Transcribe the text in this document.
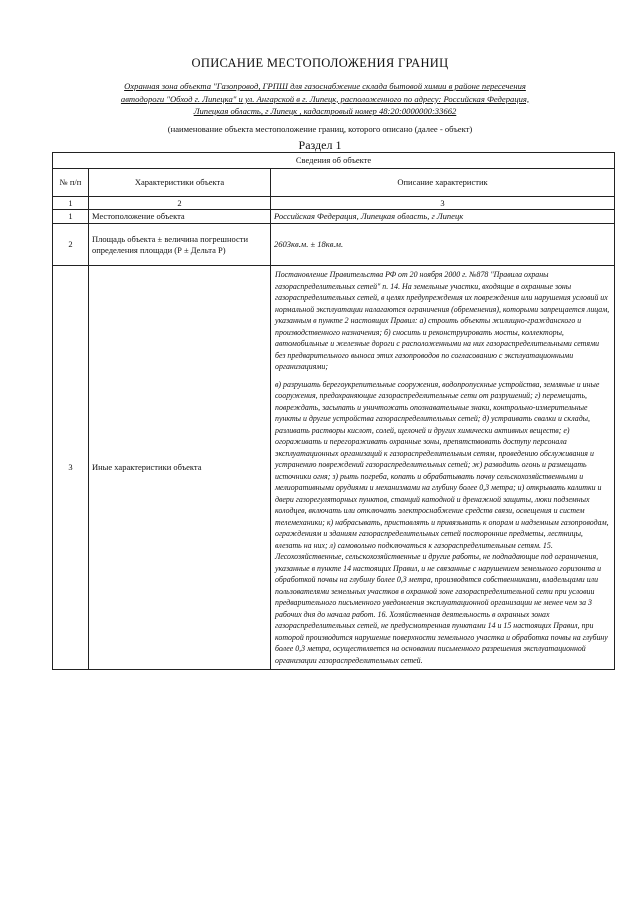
ОПИСАНИЕ МЕСТОПОЛОЖЕНИЯ ГРАНИЦ
Охранная зона объекта "Газопровод, ГРПШ для газоснабжение склада бытовой химии в районе пересечения
автодороги "Обход г. Липецка" и ул. Ангарской в г. Липецк, расположенного по адресу: Российская Федерация,
Липецкая область, г Липецк , кадастровый номер 48:20:0000000:33662
(наименование объекта местоположение границ, которого описано (далее - объект)
Раздел 1
Сведения об объекте		
№ п/п	Характеристики объекта	Описание характеристик
1	2	3
1	Местоположение объекта	Российская Федерация, Липецкая область, г Липецк
2	Площадь объекта ± величина погрешности определения площади (Р ± Дельта Р)	2603кв.м. ± 18кв.м.
3	Иные характеристики объекта	Постановление Правительства РФ от 20 ноября 2000 г. №878 "Правила охраны газораспределительных сетей" п. 14. На земельные участки, входящие в охранные зоны газораспределительных сетей, в целях предупреждения их повреждения или нарушения условий их нормальной эксплуатации налагаются ограничения (обременения), которыми запрещается лицам, указанным в пункте 2 настоящих Правил: а) строить объекты жилищно-гражданского и производственного назначения; б) сносить и реконструировать мосты, коллекторы, автомобильные и железные дороги с расположенными на них газораспределительными сетями без предварительного выноса этих газопроводов по согласованию с эксплуатационными организациями;

в) разрушать берегоукрепительные сооружения, водопропускные устройства, земляные и иные сооружения, предохраняющие газораспределительные сети от разрушений; г) перемещать, повреждать, засыпать и уничтожать опознавательные знаки, контрольно-измерительные пункты и другие устройства газораспределительных сетей; д) устраивать свалки и склады, разливать растворы кислот, солей, щелочей и других химически активных веществ; е) огораживать и перегораживать охранные зоны, препятствовать доступу персонала эксплуатационных организаций к газораспределительным сетям, проведению обслуживания и устранению повреждений газораспределительных сетей; ж) разводить огонь и размещать источники огня; з) рыть погреба, копать и обрабатывать почву сельскохозяйственными и мелиоративными орудиями и механизмами на глубину более 0,3 метра; и) открывать калитки и двери газорегуляторных пунктов, станций катодной и дренажной защиты, люки подземных колодцев, включать или отключать электроснабжение средств связи, освещения и систем телемеханики; к) набрасывать, приставлять и привязывать к опорам и надземным газопроводам, ограждениям и зданиям газораспределительных сетей посторонние предметы, лестницы, влезать на них; л) самовольно подключаться к газораспределительным сетям. 15. Лесохозяйственные, сельскохозяйственные и другие работы, не подпадающие под ограничения, указанные в пункте 14 настоящих Правил, и не связанные с нарушением земельного горизонта и обработкой почвы на глубину более 0,3 метра, производятся собственниками, владельцами или пользователями земельных участков в охранной зоне газораспределительной сети при условии предварительного письменного уведомления эксплуатационной организации не менее чем за 3 рабочих дня до начала работ. 16. Хозяйственная деятельность в охранных зонах газораспределительных сетей, не предусмотренная пунктами 14 и 15 настоящих Правил, при которой производится нарушение поверхности земельного участка и обработка почвы на глубину более 0,3 метра, осуществляется на основании письменного разрешения эксплуатационной организации газораспределительных сетей.
